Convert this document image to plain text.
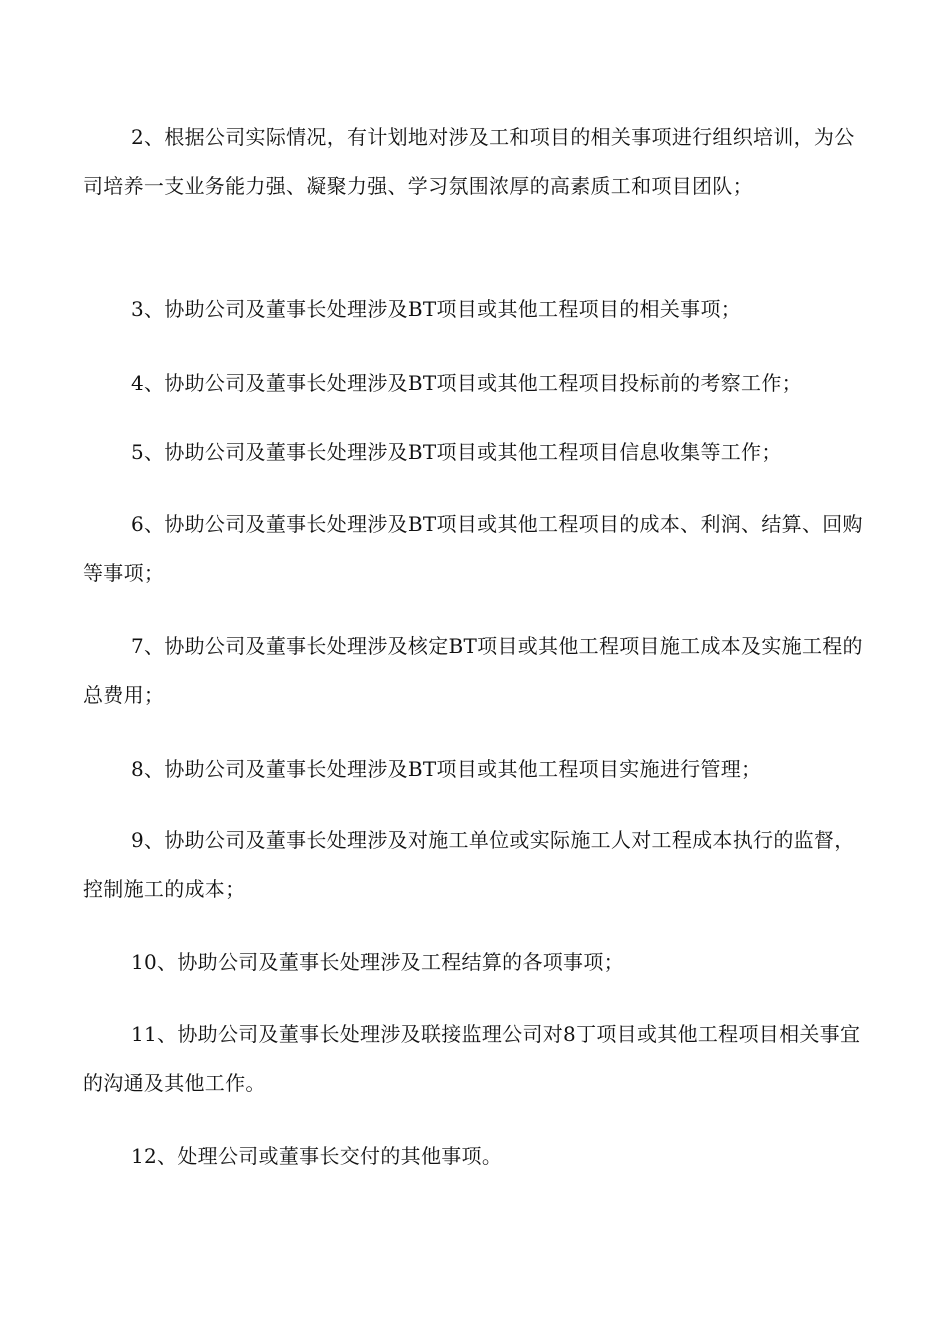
2、根据公司实际情况，有计划地对涉及工和项目的相关事项进行组织培训，为公司培养一支业务能力强、凝聚力强、学习氛围浓厚的高素质工和项目团队；

3、协助公司及董事长处理涉及BT项目或其他工程项目的相关事项；

4、协助公司及董事长处理涉及BT项目或其他工程项目投标前的考察工作；

5、协助公司及董事长处理涉及BT项目或其他工程项目信息收集等工作；

6、协助公司及董事长处理涉及BT项目或其他工程项目的成本、利润、结算、回购等事项；

7、协助公司及董事长处理涉及核定BT项目或其他工程项目施工成本及实施工程的总费用；

8、协助公司及董事长处理涉及BT项目或其他工程项目实施进行管理；

9、协助公司及董事长处理涉及对施工单位或实际施工人对工程成本执行的监督，控制施工的成本；

10、协助公司及董事长处理涉及工程结算的各项事项；

11、协助公司及董事长处理涉及联接监理公司对8丁项目或其他工程项目相关事宜的沟通及其他工作。

12、处理公司或董事长交付的其他事项。
